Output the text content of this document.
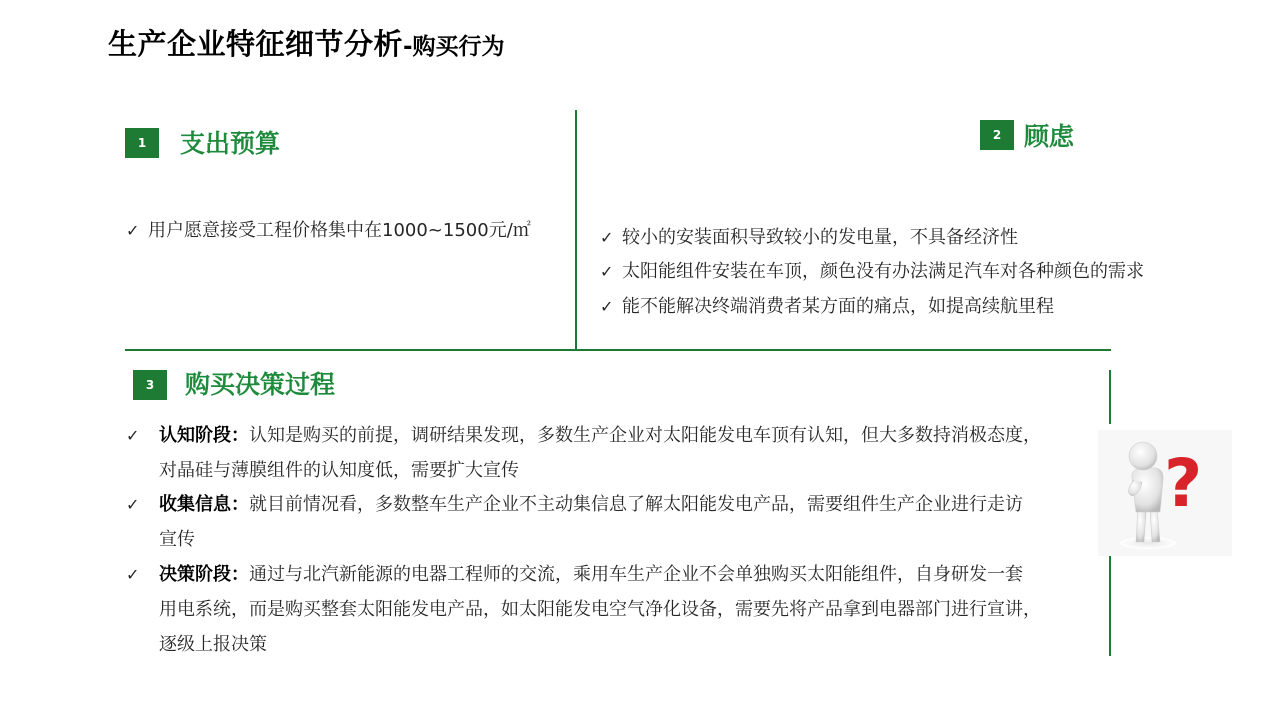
生产企业特征细节分析-购买行为
1 支出预算
✓ 用户愿意接受工程价格集中在1000~1500元/㎡
2 顾虑
✓ 较小的安装面积导致较小的发电量，不具备经济性
✓ 太阳能组件安装在车顶，颜色没有办法满足汽车对各种颜色的需求
✓ 能不能解决终端消费者某方面的痛点，如提高续航里程
3 购买决策过程
✓	认知阶段：认知是购买的前提，调研结果发现，多数生产企业对太阳能发电车顶有认知，但大多数持消极态度，
对晶硅与薄膜组件的认知度低，需要扩大宣传
✓	收集信息：就目前情况看，多数整车生产企业不主动集信息了解太阳能发电产品，需要组件生产企业进行走访
宣传
✓	决策阶段：通过与北汽新能源的电器工程师的交流，乘用车生产企业不会单独购买太阳能组件，自身研发一套
用电系统，而是购买整套太阳能发电产品，如太阳能发电空气净化设备，需要先将产品拿到电器部门进行宣讲，
逐级上报决策
?
